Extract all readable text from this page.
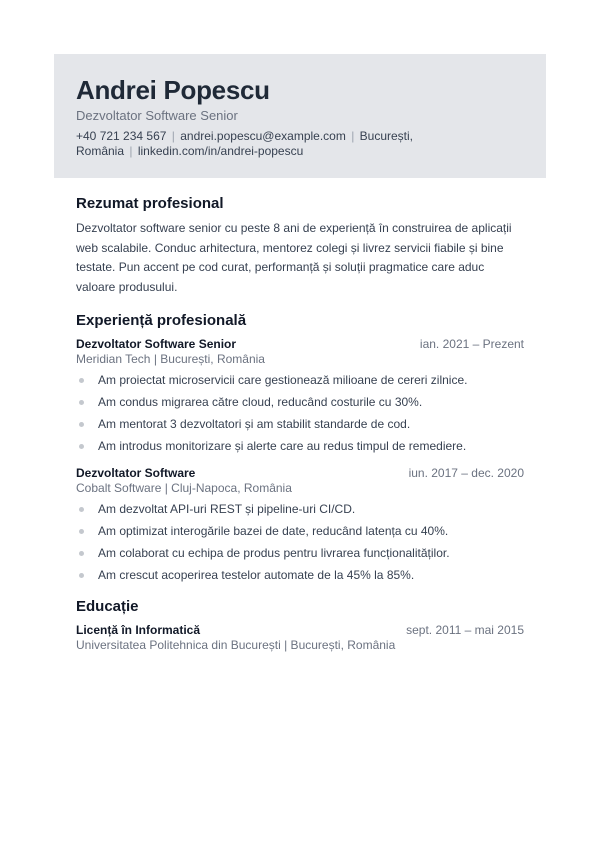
Andrei Popescu
Dezvoltator Software Senior
+40 721 234 567 | andrei.popescu@example.com | București, România | linkedin.com/in/andrei-popescu
Rezumat profesional

Dezvoltator software senior cu peste 8 ani de experiență în construirea de aplicații web scalabile. Conduc arhitectura, mentorez colegi și livrez servicii fiabile și bine testate. Pun accent pe cod curat, performanță și soluții pragmatice care aduc valoare produsului.

Experiență profesională
Dezvoltator Software Senior	ian. 2021 – Prezent
Meridian Tech | București, România
Am proiectat microservicii care gestionează milioane de cereri zilnice.
Am condus migrarea către cloud, reducând costurile cu 30%.
Am mentorat 3 dezvoltatori și am stabilit standarde de cod.
Am introdus monitorizare și alerte care au redus timpul de remediere.
Dezvoltator Software	iun. 2017 – dec. 2020
Cobalt Software | Cluj-Napoca, România
Am dezvoltat API-uri REST și pipeline-uri CI/CD.
Am optimizat interogările bazei de date, reducând latența cu 40%.
Am colaborat cu echipa de produs pentru livrarea funcționalităților.
Am crescut acoperirea testelor automate de la 45% la 85%.
Educație
Licență în Informatică	sept. 2011 – mai 2015
Universitatea Politehnica din București | București, România
